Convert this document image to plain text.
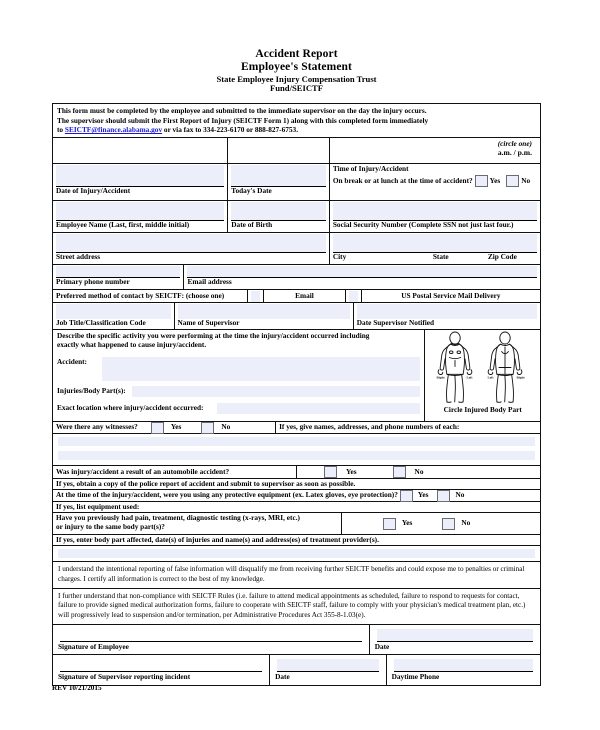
Accident Report
Employee's Statement
State Employee Injury Compensation Trust
Fund/SEICTF
This form must be completed by the employee and submitted to the immediate supervisor on the day the injury occurs.
The supervisor should submit the First Report of Injury (SEICTF Form 1) along with this completed form immediately
to SEICTF@finance.alabama.gov or via fax to 334-223-6170 or 888-827-6753.
(circle one)
a.m. / p.m.
Date of Injury/Accident	Today's Date
Time of Injury/Accident
On break or at lunch at the time of accident? Yes	No
Employee Name (Last, first, middle initial)	Date of Birth	Social Security Number (Complete SSN not just last four.)
Street address	City	State	Zip Code
Primary phone number	Email address
Preferred method of contact by SEICTF: (choose one)	Email	US Postal Service Mail Delivery
Job Title/Classification Code	Name of Supervisor	Date Supervisor Notified
Describe the specific activity you were performing at the time the injury/accident occurred including
exactly what happened to cause injury/accident.
Accident:
Injuries/Body Part(s):
Exact location where injury/accident occurred:
Right	Left	Left	Right
Circle Injured Body Part
Were there any witnesses?	Yes	No	If yes, give names, addresses, and phone numbers of each:
Was injury/accident a result of an automobile accident?	Yes	No
If yes, obtain a copy of the police report of accident and submit to supervisor as soon as possible.
At the time of the injury/accident, were you using any protective equipment (ex. Latex gloves, eye protection)?	Yes	No
If yes, list equipment used:
Have you previously had pain, treatment, diagnostic testing (x-rays, MRI, etc.)
or injury to the same body part(s)?	Yes	No
If yes, enter body part affected, date(s) of injuries and name(s) and address(es) of treatment provider(s).
I understand the intentional reporting of false information will disqualify me from receiving further SEICTF benefits and could expose me to penalties or criminal charges. I certify all information is correct to the best of my knowledge.
I further understand that non-compliance with SEICTF Rules (i.e. failure to attend medical appointments as scheduled, failure to respond to requests for contact, failure to provide signed medical authorization forms, failure to cooperate with SEICTF staff, failure to comply with your physician's medical treatment plan, etc.) will progressively lead to suspension and/or termination, per Administrative Procedures Act 355-8-1.03(e).
Signature of Employee	Date
Signature of Supervisor reporting incident	Date	Daytime Phone
REV 10/21/2015
